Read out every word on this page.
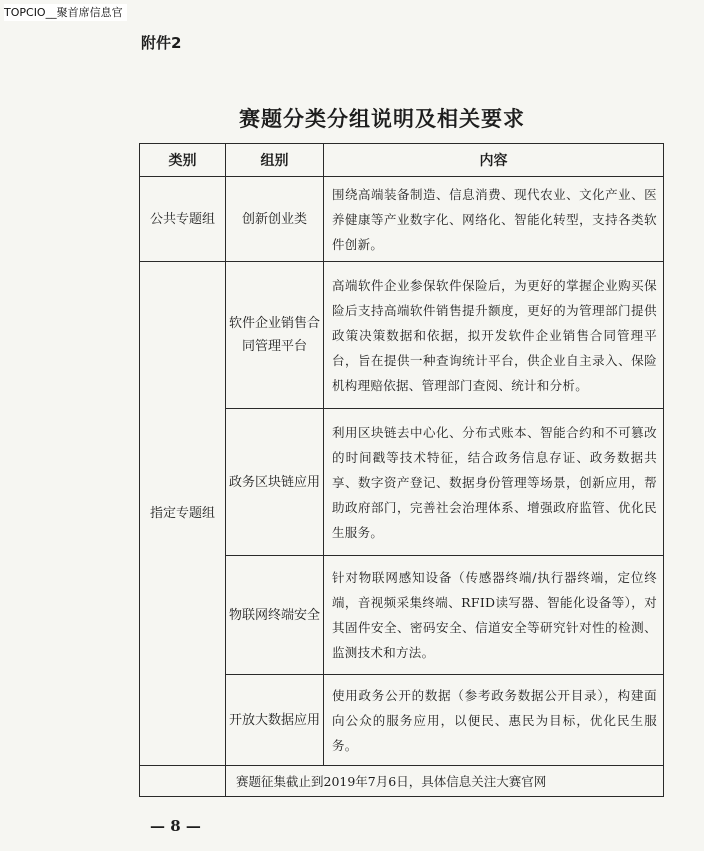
TOPCIO__聚首席信息官
附件2
赛题分类分组说明及相关要求
类别	组别	内容
公共专题组	创新创业类	围绕高端装备制造、信息消费、现代农业、文化产业、医养健康等产业数字化、网络化、智能化转型，支持各类软件创新。
指定专题组	软件企业销售合同管理平台	高端软件企业参保软件保险后，为更好的掌握企业购买保险后支持高端软件销售提升额度，更好的为管理部门提供政策决策数据和依据，拟开发软件企业销售合同管理平台，旨在提供一种查询统计平台，供企业自主录入、保险机构理赔依据、管理部门查阅、统计和分析。
	政务区块链应用	利用区块链去中心化、分布式账本、智能合约和不可篡改的时间戳等技术特征，结合政务信息存证、政务数据共享、数字资产登记、数据身份管理等场景，创新应用，帮助政府部门，完善社会治理体系、增强政府监管、优化民生服务。
	物联网终端安全	针对物联网感知设备（传感器终端/执行器终端，定位终端，音视频采集终端、RFID读写器、智能化设备等），对其固件安全、密码安全、信道安全等研究针对性的检测、监测技术和方法。
	开放大数据应用	使用政务公开的数据（参考政务数据公开目录），构建面向公众的服务应用，以便民、惠民为目标，优化民生服务。
	赛题征集截止到2019年7月6日，具体信息关注大赛官网	
— 8 —
